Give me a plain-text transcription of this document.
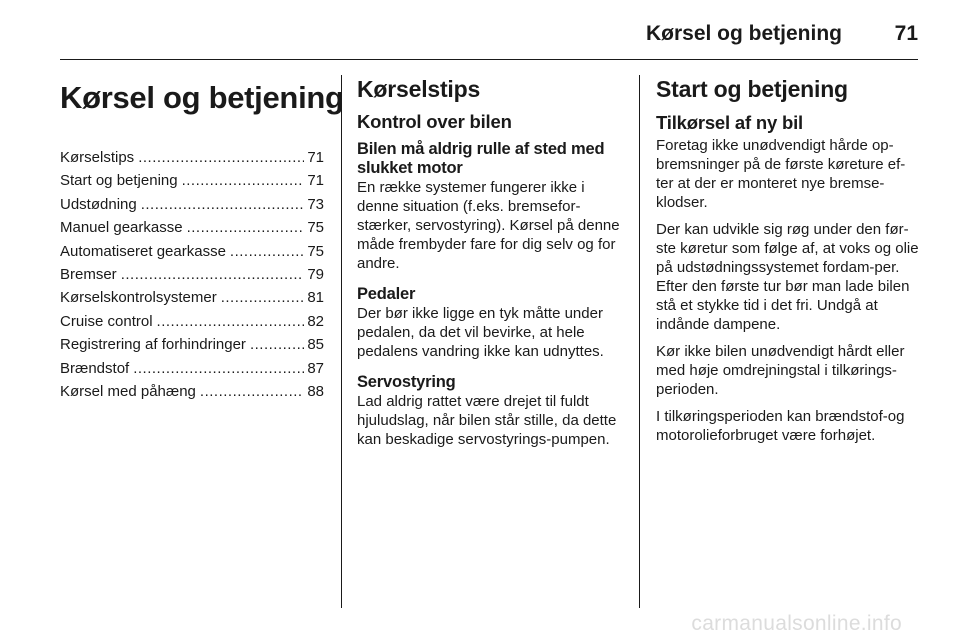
Kørsel og betjening	71
Kørsel og betjening
Kørselstips .....	71
Start og betjening .....	71
Udstødning .....	73
Manuel gearkasse .....	75
Automatiseret gearkasse .....	75
Bremser .....	79
Kørselskontrolsystemer .....	81
Cruise control .....	82
Registrering af forhindringer .....	85
Brændstof .....	87
Kørsel med påhæng .....	88
Kørselstips
Kontrol over bilen
Bilen må aldrig rulle af sted med slukket motor

En række systemer fungerer ikke i denne situation (f.eks. bremsefor-stærker, servostyring). Kørsel på denne måde frembyder fare for dig selv og for andre.

Pedaler

Der bør ikke ligge en tyk måtte under pedalen, da det vil bevirke, at hele pedalens vandring ikke kan udnyttes.

Servostyring

Lad aldrig rattet være drejet til fuldt hjuludslag, når bilen står stille, da dette kan beskadige servostyrings-pumpen.

Start og betjening
Tilkørsel af ny bil

Foretag ikke unødvendigt hårde op-bremsninger på de første køreture ef-ter at der er monteret nye bremse-klodser.

Der kan udvikle sig røg under den før-ste køretur som følge af, at voks og olie på udstødningssystemet fordam-per. Efter den første tur bør man lade bilen stå et stykke tid i det fri. Undgå at indånde dampene.

Kør ikke bilen unødvendigt hårdt eller med høje omdrejningstal i tilkørings-perioden.

I tilkøringsperioden kan brændstof-og motorolieforbruget være forhøjet.

carmanualsonline.info
